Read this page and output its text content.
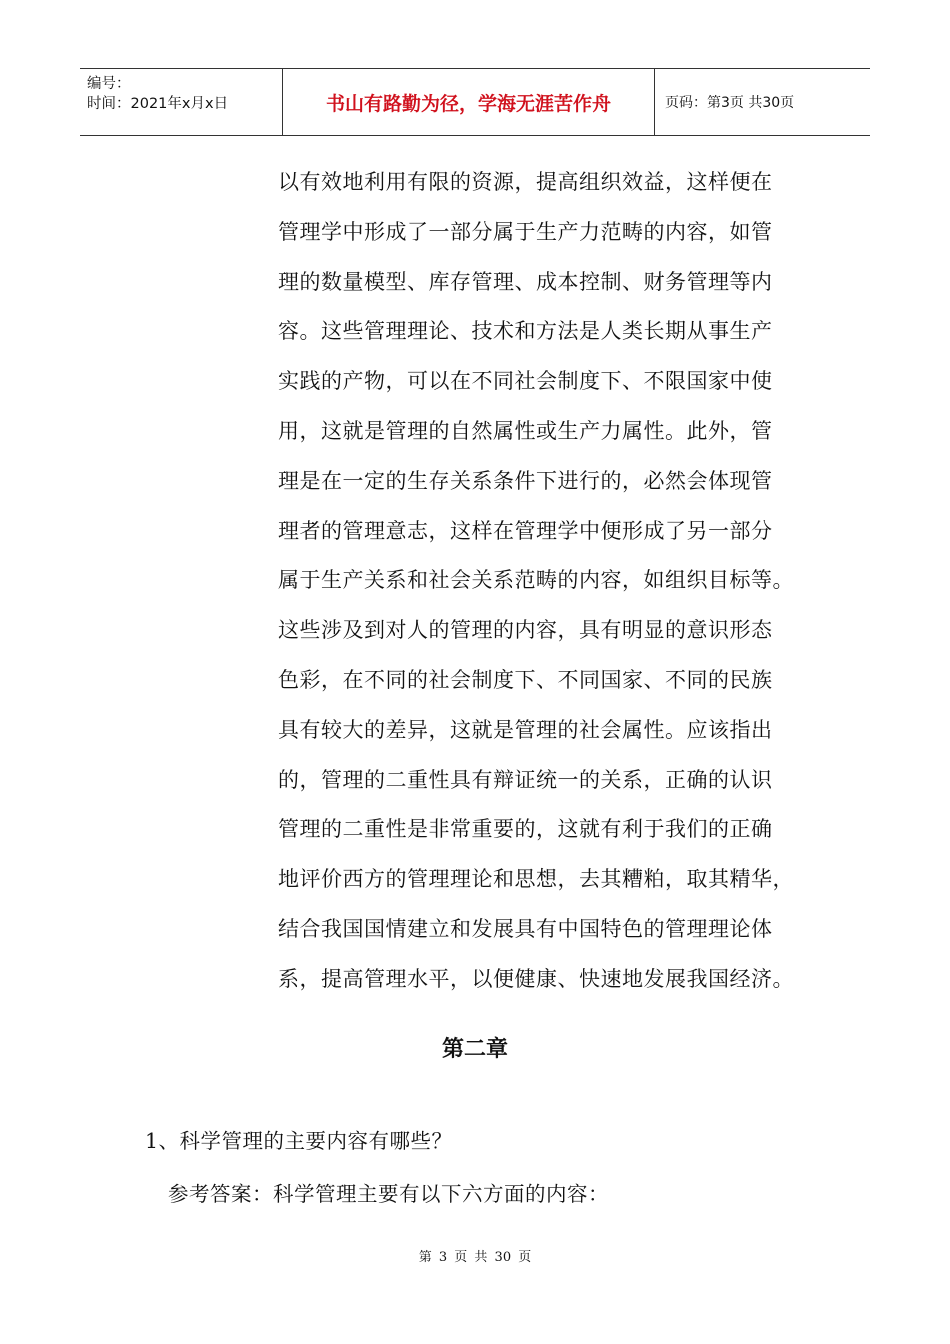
编号：
时间：2021年x月x日	书山有路勤为径，学海无涯苦作舟	页码：第3页 共30页
以有效地利用有限的资源，提高组织效益，这样便在
管理学中形成了一部分属于生产力范畴的内容，如管
理的数量模型、库存管理、成本控制、财务管理等内
容。这些管理理论、技术和方法是人类长期从事生产
实践的产物，可以在不同社会制度下、不限国家中使
用，这就是管理的自然属性或生产力属性。此外，管
理是在一定的生存关系条件下进行的，必然会体现管
理者的管理意志，这样在管理学中便形成了另一部分
属于生产关系和社会关系范畴的内容，如组织目标等。
这些涉及到对人的管理的内容，具有明显的意识形态
色彩，在不同的社会制度下、不同国家、不同的民族
具有较大的差异，这就是管理的社会属性。应该指出
的，管理的二重性具有辩证统一的关系，正确的认识
管理的二重性是非常重要的，这就有利于我们的正确
地评价西方的管理理论和思想，去其糟粕，取其精华，
结合我国国情建立和发展具有中国特色的管理理论体
系，提高管理水平，以便健康、快速地发展我国经济。
第二章
1、科学管理的主要内容有哪些？
参考答案：科学管理主要有以下六方面的内容：
第 3 页 共 30 页
